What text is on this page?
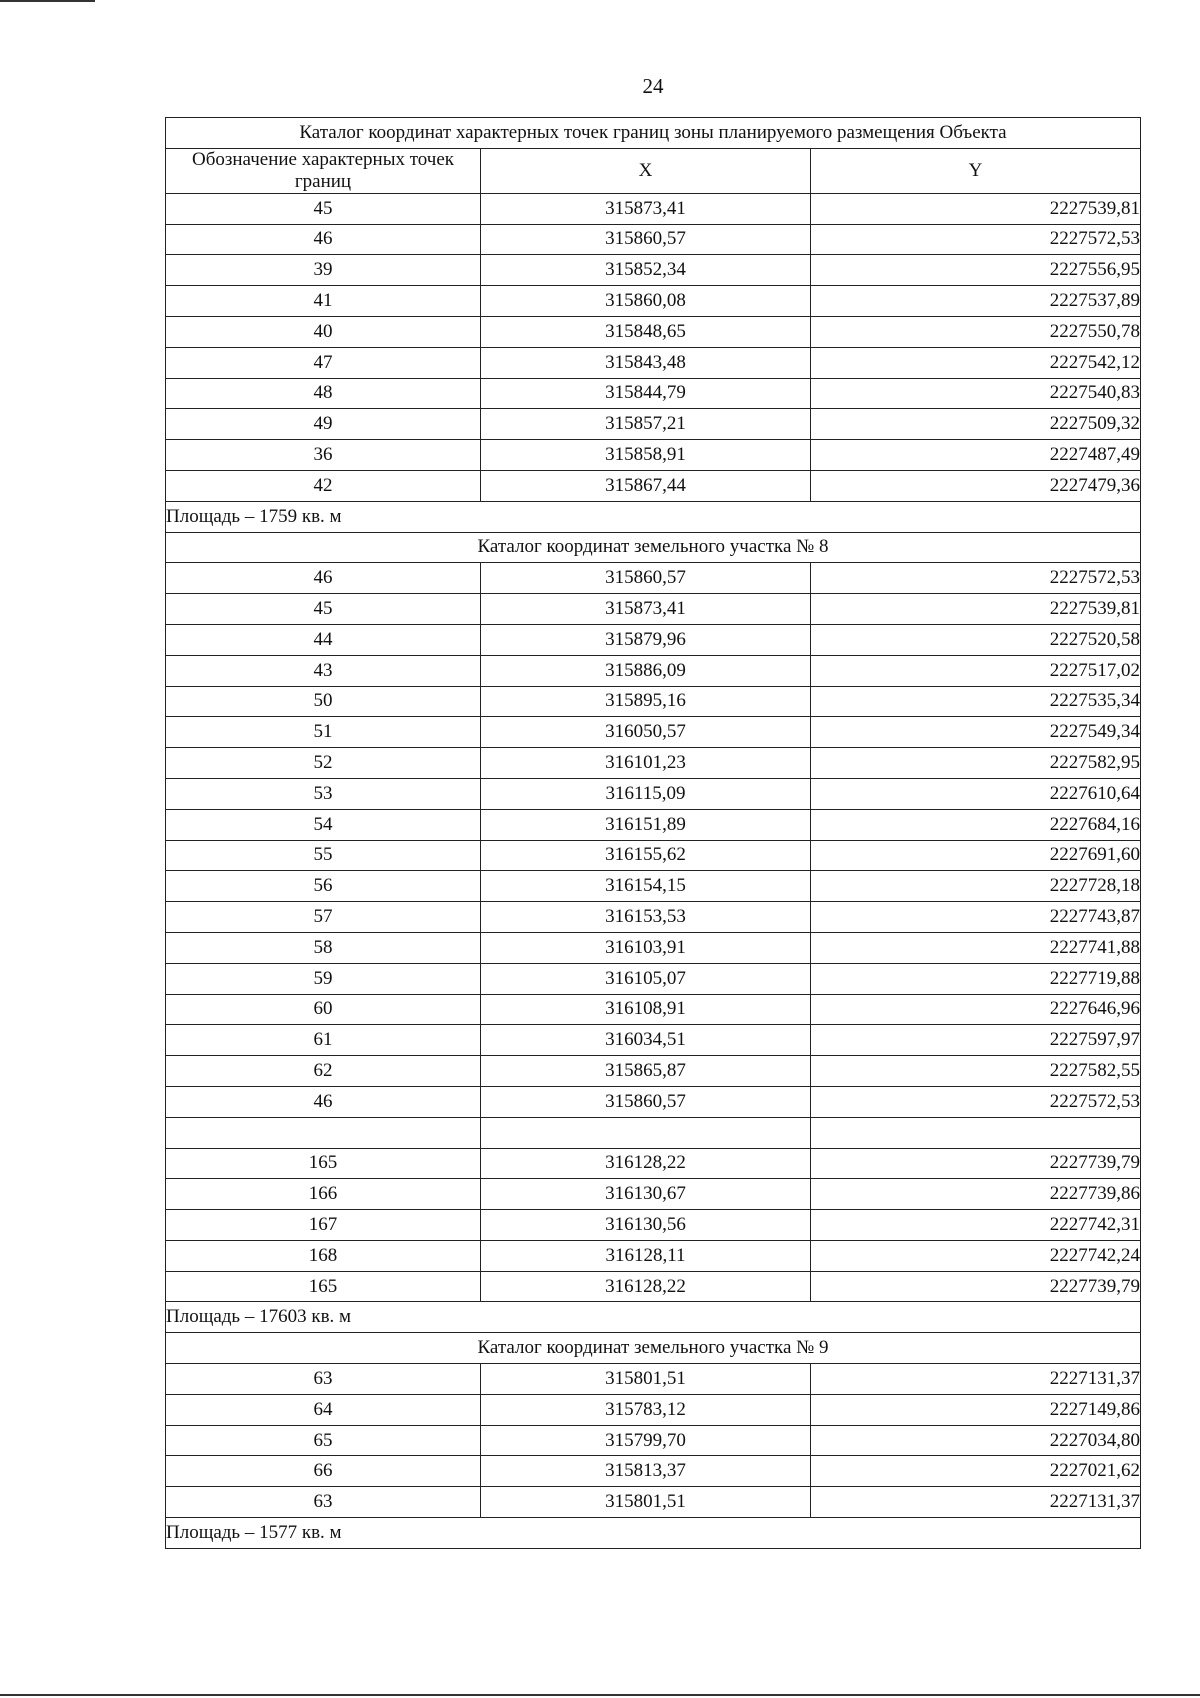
24
Каталог координат характерных точек границ зоны планируемого размещения Объекта		
Обозначение характерных точек границ	X	Y
45	315873,41	2227539,81
46	315860,57	2227572,53
39	315852,34	2227556,95
41	315860,08	2227537,89
40	315848,65	2227550,78
47	315843,48	2227542,12
48	315844,79	2227540,83
49	315857,21	2227509,32
36	315858,91	2227487,49
42	315867,44	2227479,36
Площадь – 1759 кв. м		
Каталог координат земельного участка № 8		
46	315860,57	2227572,53
45	315873,41	2227539,81
44	315879,96	2227520,58
43	315886,09	2227517,02
50	315895,16	2227535,34
51	316050,57	2227549,34
52	316101,23	2227582,95
53	316115,09	2227610,64
54	316151,89	2227684,16
55	316155,62	2227691,60
56	316154,15	2227728,18
57	316153,53	2227743,87
58	316103,91	2227741,88
59	316105,07	2227719,88
60	316108,91	2227646,96
61	316034,51	2227597,97
62	315865,87	2227582,55
46	315860,57	2227572,53

165	316128,22	2227739,79
166	316130,67	2227739,86
167	316130,56	2227742,31
168	316128,11	2227742,24
165	316128,22	2227739,79
Площадь – 17603 кв. м		
Каталог координат земельного участка № 9		
63	315801,51	2227131,37
64	315783,12	2227149,86
65	315799,70	2227034,80
66	315813,37	2227021,62
63	315801,51	2227131,37
Площадь – 1577 кв. м		
